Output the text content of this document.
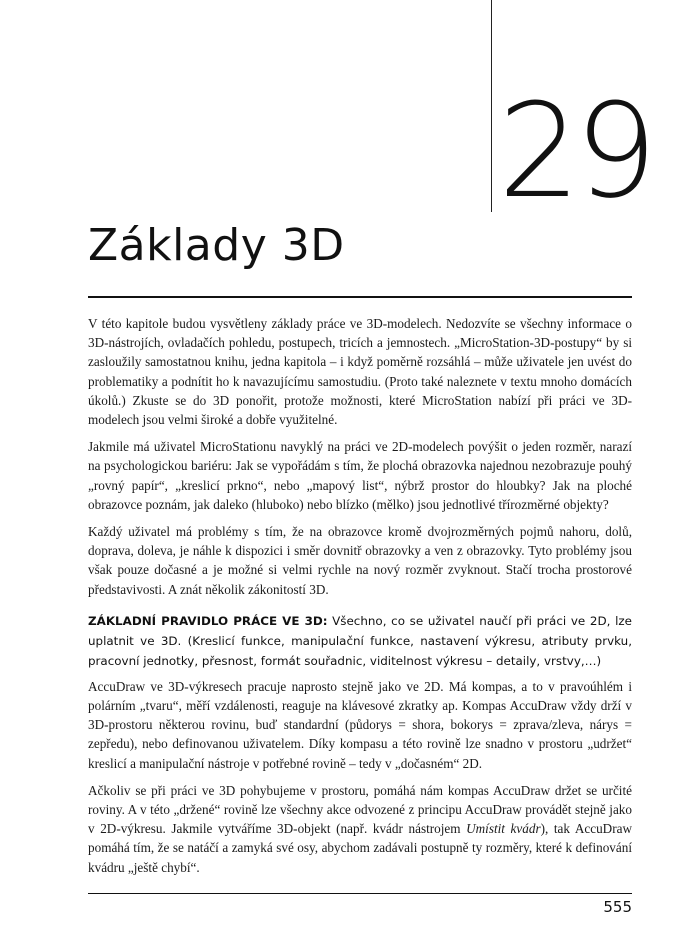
29
Základy 3D

V této kapitole budou vysvětleny základy práce ve 3D-modelech. Nedozvíte se všechny informace o 3D-nástrojích, ovladačích pohledu, postupech, tricích a jemnostech. „MicroStation-3D-postupy“ by si zasloužily samostatnou knihu, jedna kapitola – i když poměrně rozsáhlá – může uživatele jen uvést do problematiky a podnítit ho k navazujícímu samostudiu. (Proto také naleznete v textu mnoho domácích úkolů.) Zkuste se do 3D ponořit, protože možnosti, které MicroStation nabízí při práci ve 3D-modelech jsou velmi široké a dobře využitelné.

Jakmile má uživatel MicroStationu navyklý na práci ve 2D-modelech povýšit o jeden rozměr, narazí na psychologickou bariéru: Jak se vypořádám s tím, že plochá obrazovka najednou nezobrazuje pouhý „rovný papír“, „kreslicí prkno“, nebo „mapový list“, nýbrž prostor do hloubky? Jak na ploché obrazovce poznám, jak daleko (hluboko) nebo blízko (mělko) jsou jednotlivé třírozměrné objekty?

Každý uživatel má problémy s tím, že na obrazovce kromě dvojrozměrných pojmů nahoru, dolů, doprava, doleva, je náhle k dispozici i směr dovnitř obrazovky a ven z obrazovky. Tyto problémy jsou však pouze dočasné a je možné si velmi rychle na nový rozměr zvyknout. Stačí trocha prostorové představivosti. A znát několik zákonitostí 3D.

ZÁKLADNÍ PRAVIDLO PRÁCE VE 3D: Všechno, co se uživatel naučí při práci ve 2D, lze uplatnit ve 3D. (Kreslicí funkce, manipulační funkce, nastavení výkresu, atributy prvku, pracovní jednotky, přesnost, formát souřadnic, viditelnost výkresu – detaily, vrstvy,…)

AccuDraw ve 3D-výkresech pracuje naprosto stejně jako ve 2D. Má kompas, a to v pravoúhlém i polárním „tvaru“, měří vzdálenosti, reaguje na klávesové zkratky ap. Kompas AccuDraw vždy drží v 3D-prostoru některou rovinu, buď standardní (půdorys = shora, bokorys = zprava/zleva, nárys = zepředu), nebo definovanou uživatelem. Díky kompasu a této rovině lze snadno v prostoru „udržet“ kreslicí a manipulační nástroje v potřebné rovině – tedy v „dočasném“ 2D.

Ačkoliv se při práci ve 3D pohybujeme v prostoru, pomáhá nám kompas AccuDraw držet se určité roviny. A v této „držené“ rovině lze všechny akce odvozené z principu AccuDraw provádět stejně jako v 2D-výkresu. Jakmile vytváříme 3D-objekt (např. kvádr nástrojem Umístit kvádr), tak AccuDraw pomáhá tím, že se natáčí a zamyká své osy, abychom zadávali postupně ty rozměry, které k definování kvádru „ještě chybí“.

555
